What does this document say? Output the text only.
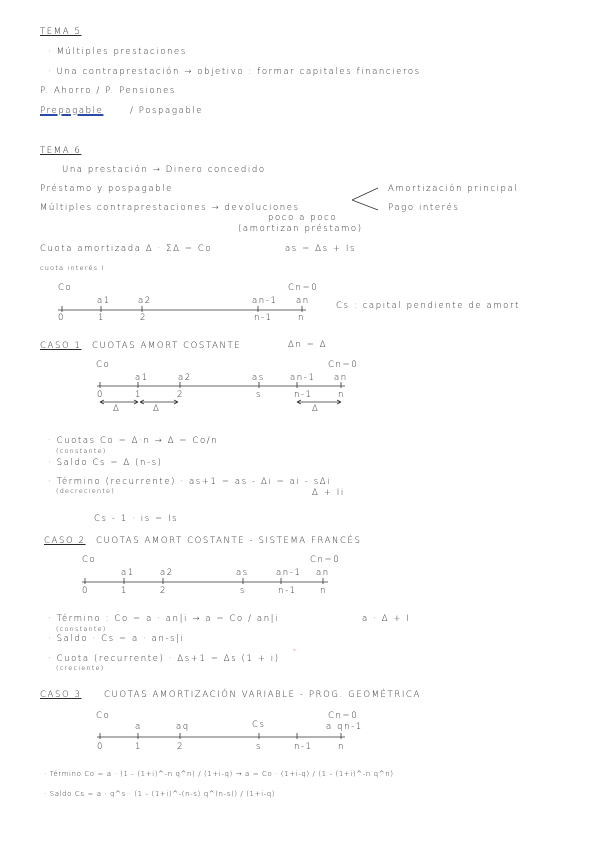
TEMA 5
· Múltiples prestaciones
· Una contraprestación → objetivo : formar capitales financieros
P. Ahorro / P. Pensiones
Prepagable	/ Pospagable
TEMA 6
Una prestación → Dinero concedido
Préstamo y pospagable
Múltiples contraprestaciones → devoluciones
poco a poco
(amortizan préstamo)
Amortización principal
Pago interés
Cuota amortizada Δ · ΣΔ = Co	as = Δs + Is
cuota interés I
Co	Cn=0
a1	a2	an-1 an
0	1	2	n-1	n
Cs : capital pendiente de amort
CASO 1 CUOTAS AMORT COSTANTE	Δn = Δ
Co	Cn=0
a1	a2	as	an-1 an
0	1	2	s	n-1	n
Δ	Δ	Δ
· Cuotas Co = Δ·n → Δ = Co/n
(constante)
· Saldo Cs = Δ (n-s)
· Término (recurrente) · as+1 = as - Δi = ai - sΔi
(decreciente)	Δ + Ii
Cs - 1 · is = Is
CASO 2 CUOTAS AMORT COSTANTE - SISTEMA FRANCÉS
Co	Cn=0
a1	a2	as	an-1 an
0	1	2	s	n-1	n
· Término : Co = a · an|i → a = Co / an|i
(constante)
a · Δ + I
· Saldo · Cs = a · an-s|i
· Cuota (recurrente) · Δs+1 = Δs (1 + i)
(creciente)
*
CASO 3	CUOTAS AMORTIZACIÓN VARIABLE - PROG. GEOMÉTRICA
Co	Cn=0
a	aq	Cs	a qn-1
0	1	2	s	n-1	n
· Término Co = a · (1 - (1+i)^-n q^n) / (1+i-q) → a = Co · (1+i-q) / (1 - (1+i)^-n q^n)
· Saldo Cs = a · q^s · (1 - (1+i)^-(n-s) q^(n-s)) / (1+i-q)
